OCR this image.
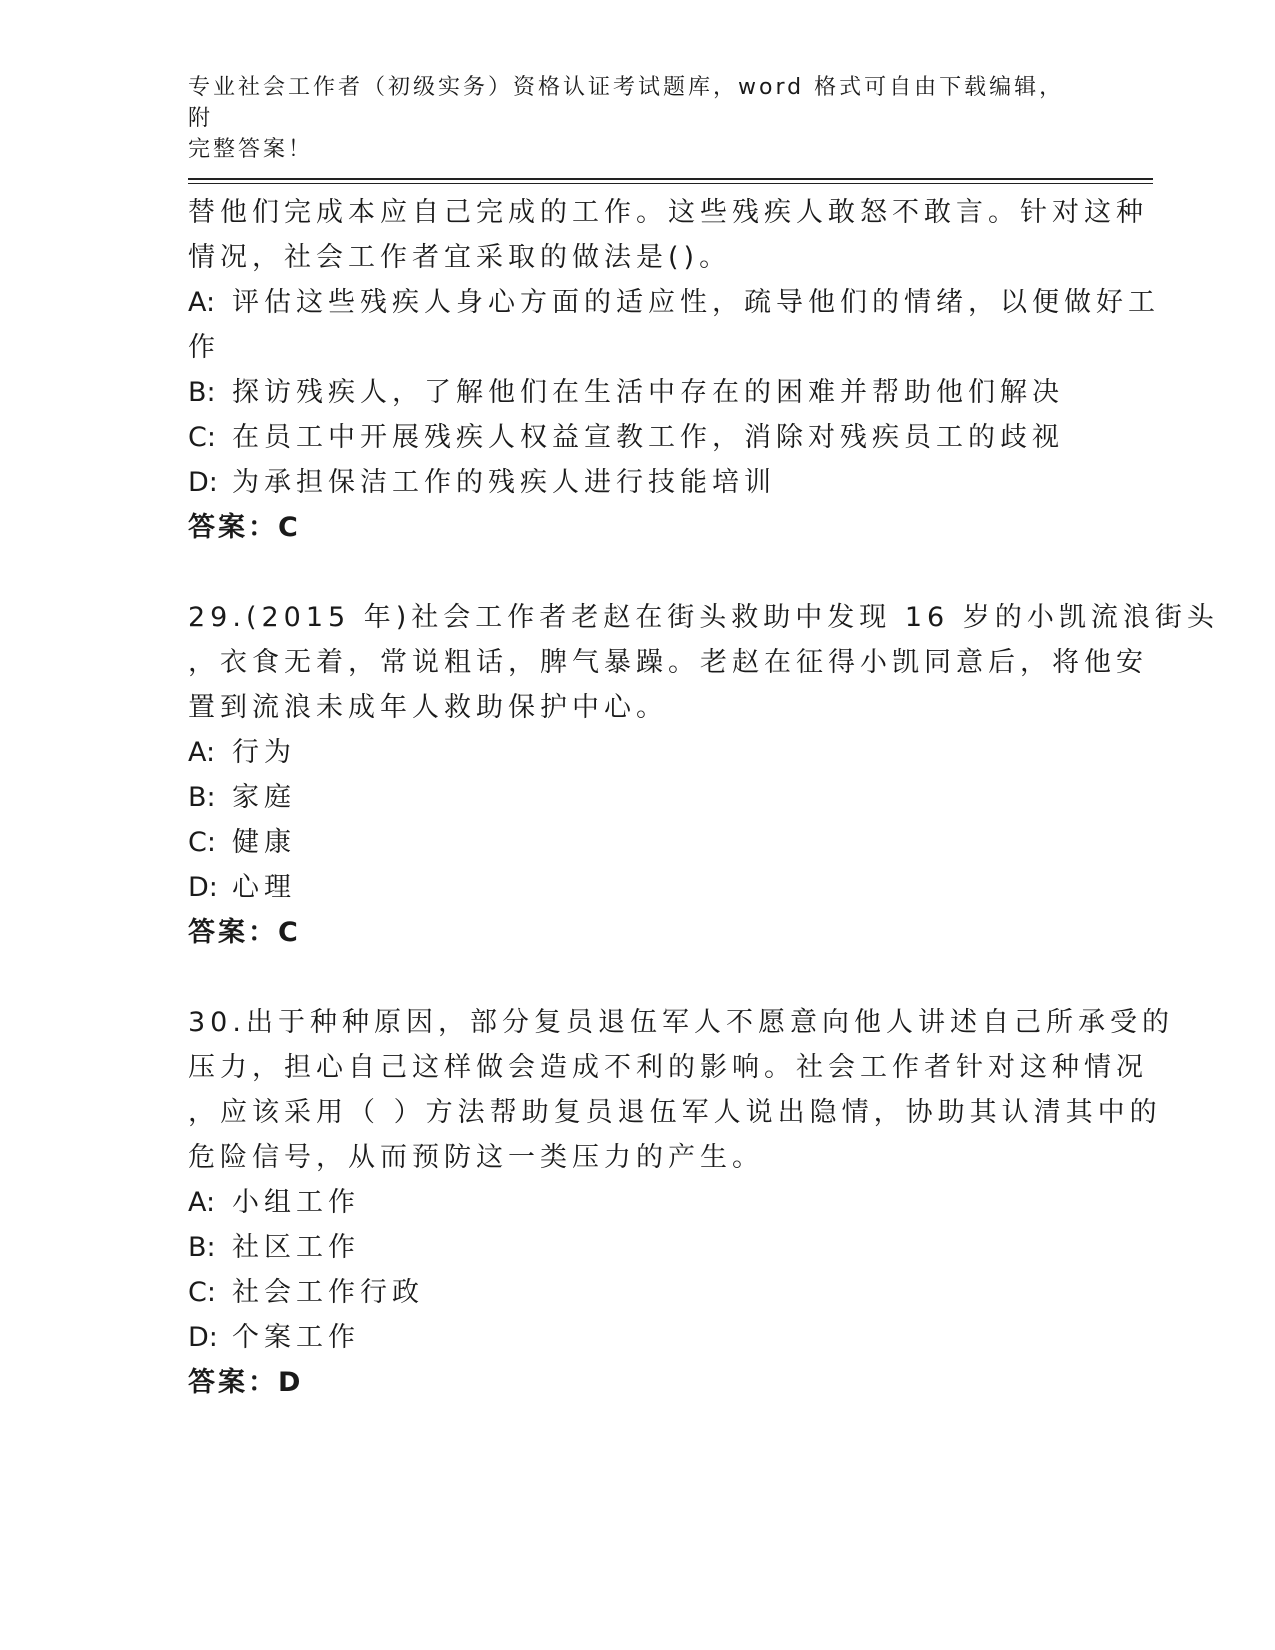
专业社会工作者（初级实务）资格认证考试题库，word 格式可自由下载编辑，附
完整答案！
替他们完成本应自己完成的工作。这些残疾人敢怒不敢言。针对这种
情况，社会工作者宜采取的做法是()。
A: 评估这些残疾人身心方面的适应性，疏导他们的情绪，以便做好工
作
B: 探访残疾人，了解他们在生活中存在的困难并帮助他们解决
C: 在员工中开展残疾人权益宣教工作，消除对残疾员工的歧视
D: 为承担保洁工作的残疾人进行技能培训
答案：C
29.(2015 年)社会工作者老赵在街头救助中发现 16 岁的小凯流浪街头
，衣食无着，常说粗话，脾气暴躁。老赵在征得小凯同意后，将他安
置到流浪未成年人救助保护中心。
A: 行为
B: 家庭
C: 健康
D: 心理
答案：C
30.出于种种原因，部分复员退伍军人不愿意向他人讲述自己所承受的
压力，担心自己这样做会造成不利的影响。社会工作者针对这种情况
，应该采用（ ）方法帮助复员退伍军人说出隐情，协助其认清其中的
危险信号，从而预防这一类压力的产生。
A: 小组工作
B: 社区工作
C: 社会工作行政
D: 个案工作
答案：D
